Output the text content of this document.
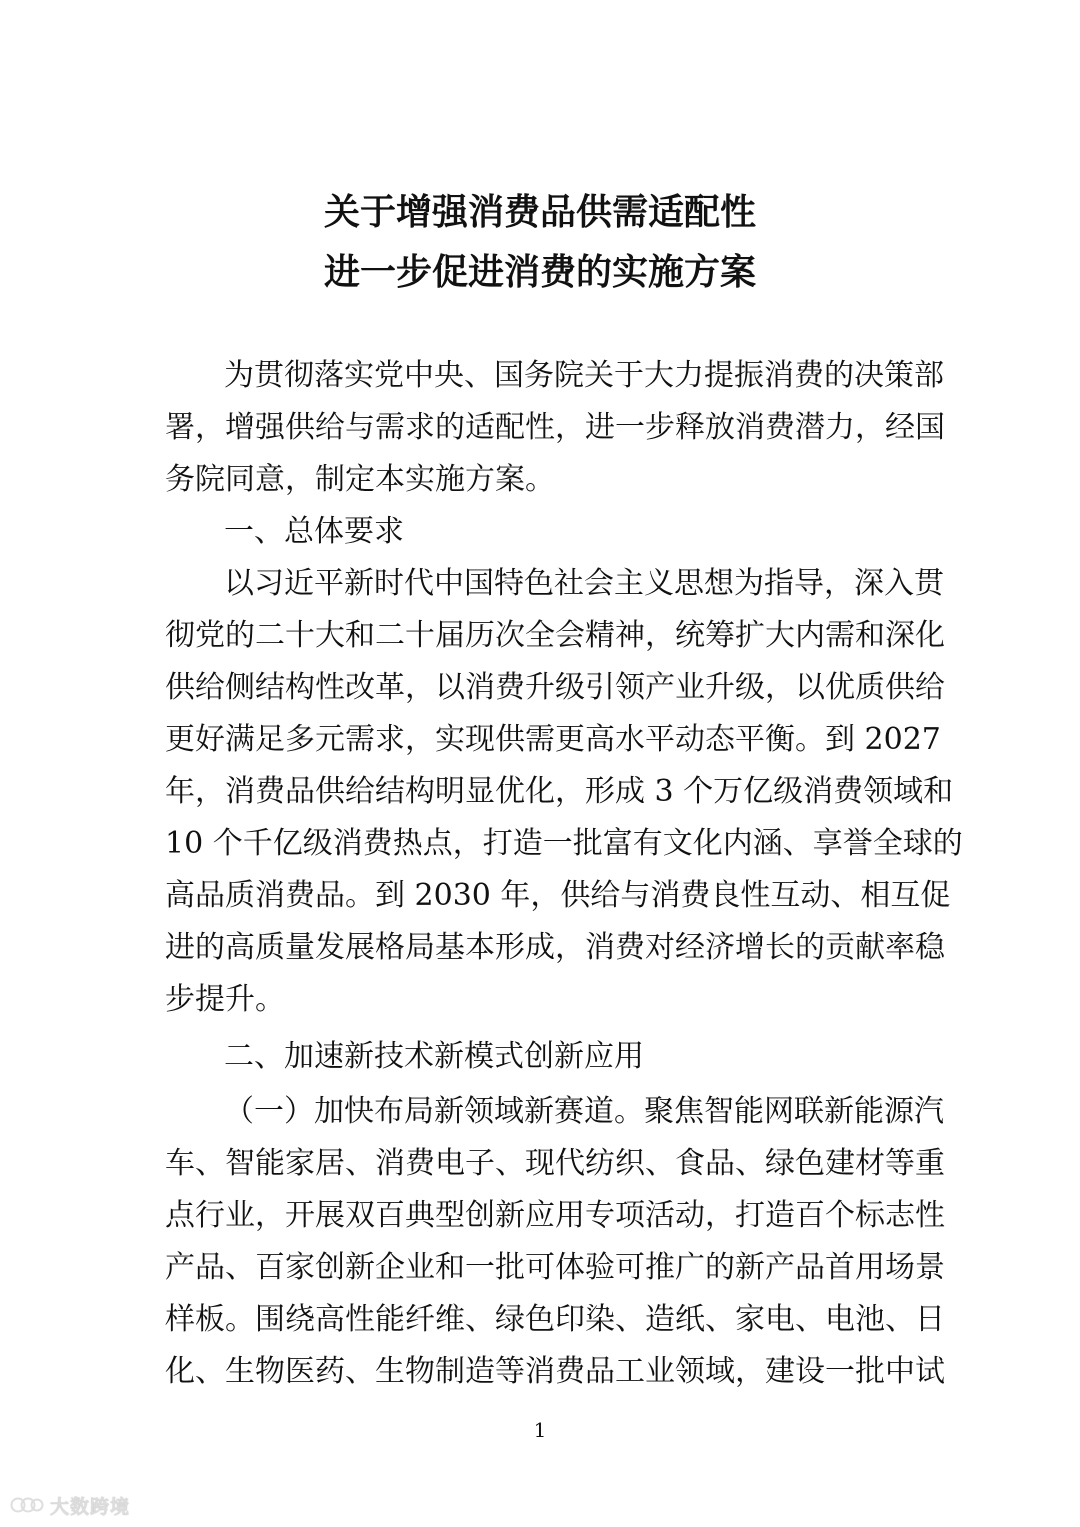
关于增强消费品供需适配性
进一步促进消费的实施方案
为贯彻落实党中央、国务院关于大力提振消费的决策部
署，增强供给与需求的适配性，进一步释放消费潜力，经国
务院同意，制定本实施方案。
一、总体要求
以习近平新时代中国特色社会主义思想为指导，深入贯
彻党的二十大和二十届历次全会精神，统筹扩大内需和深化
供给侧结构性改革，以消费升级引领产业升级，以优质供给
更好满足多元需求，实现供需更高水平动态平衡。到 2027
年，消费品供给结构明显优化，形成 3 个万亿级消费领域和
10 个千亿级消费热点，打造一批富有文化内涵、享誉全球的
高品质消费品。到 2030 年，供给与消费良性互动、相互促
进的高质量发展格局基本形成，消费对经济增长的贡献率稳
步提升。
二、加速新技术新模式创新应用
（一）加快布局新领域新赛道。聚焦智能网联新能源汽
车、智能家居、消费电子、现代纺织、食品、绿色建材等重
点行业，开展双百典型创新应用专项活动，打造百个标志性
产品、百家创新企业和一批可体验可推广的新产品首用场景
样板。围绕高性能纤维、绿色印染、造纸、家电、电池、日
化、生物医药、生物制造等消费品工业领域，建设一批中试
1
大数跨境
